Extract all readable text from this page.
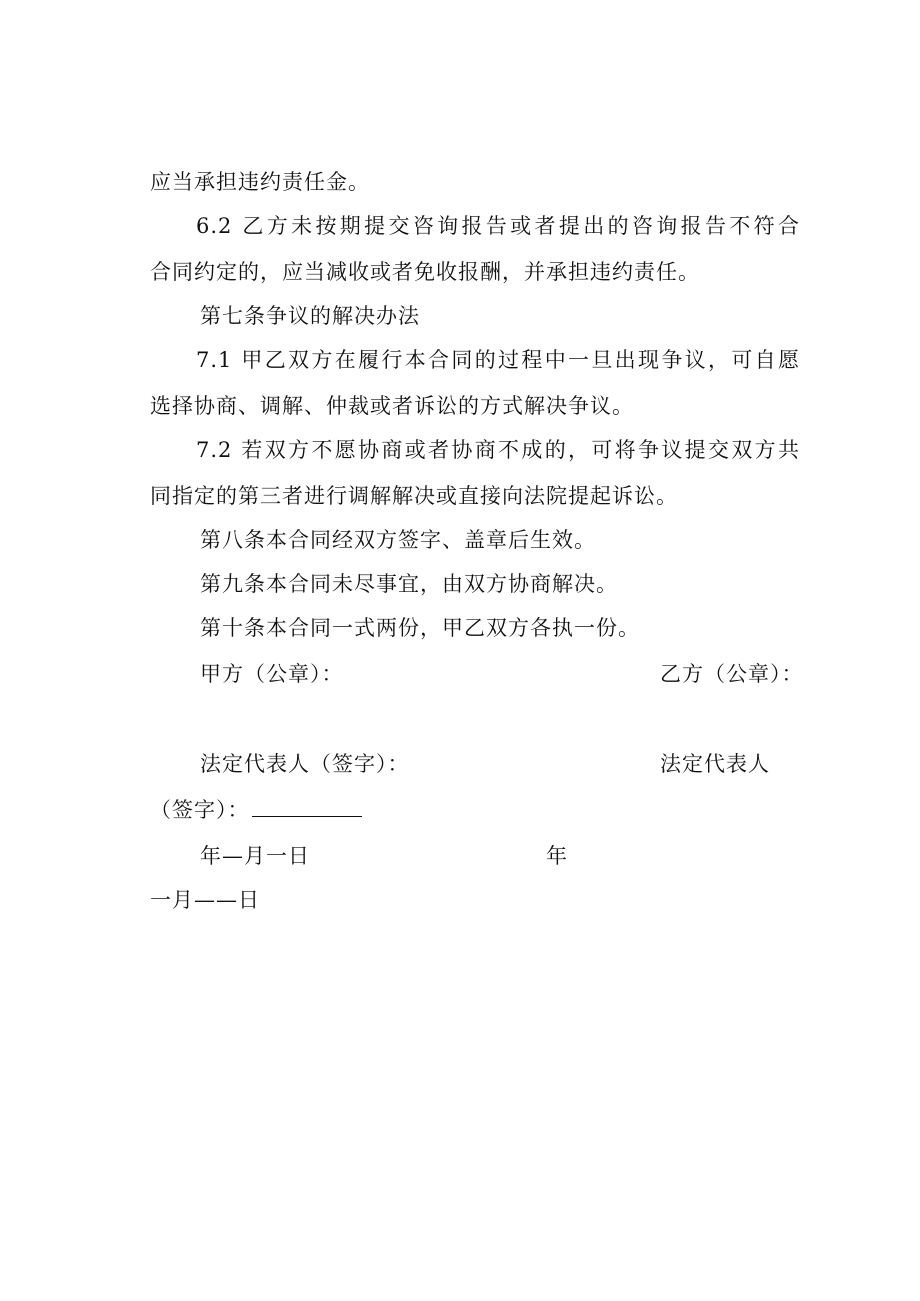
应当承担违约责任金。
6.2 乙方未按期提交咨询报告或者提出的咨询报告不符合
合同约定的，应当减收或者免收报酬，并承担违约责任。
第七条争议的解决办法
7.1 甲乙双方在履行本合同的过程中一旦出现争议，可自愿
选择协商、调解、仲裁或者诉讼的方式解决争议。
7.2 若双方不愿协商或者协商不成的，可将争议提交双方共
同指定的第三者进行调解解决或直接向法院提起诉讼。
第八条本合同经双方签字、盖章后生效。
第九条本合同未尽事宜，由双方协商解决。
第十条本合同一式两份，甲乙双方各执一份。
甲方（公章）：	乙方（公章）：
法定代表人（签字）：	法定代表人
（签字）：
年—月一日	年
一月——日
